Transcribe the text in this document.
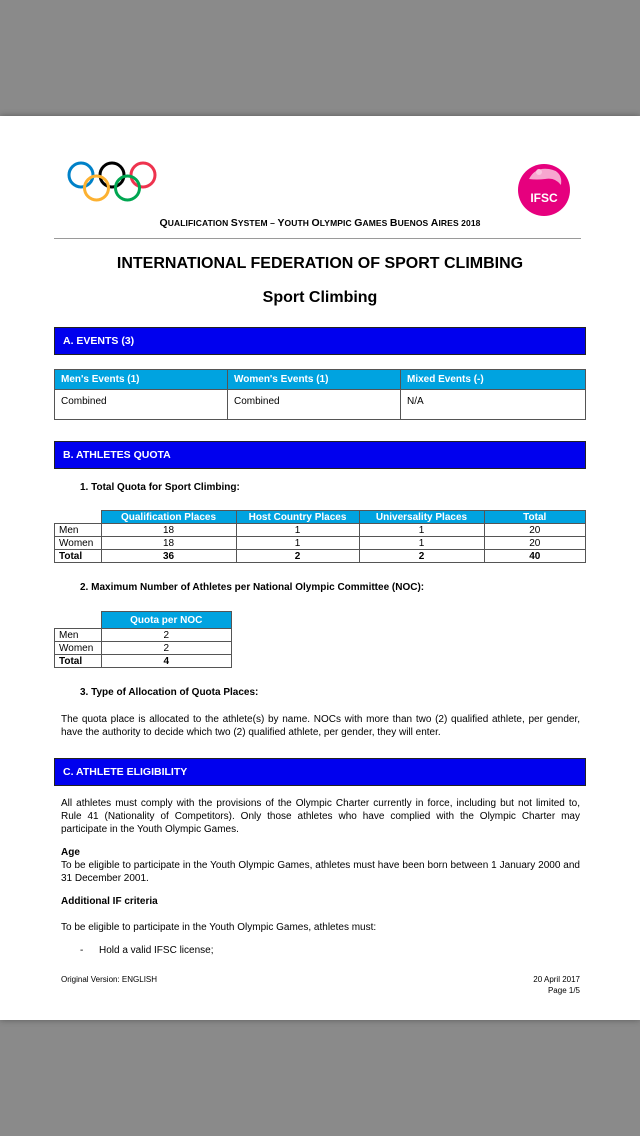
IFSC
QUALIFICATION SYSTEM – YOUTH OLYMPIC GAMES BUENOS AIRES 2018
INTERNATIONAL FEDERATION OF SPORT CLIMBING
Sport Climbing
A. EVENTS (3)
Men's Events (1)	Women's Events (1)	Mixed Events (-)
Combined	Combined	N/A
B. ATHLETES QUOTA
1. Total Quota for Sport Climbing:
	Qualification Places	Host Country Places	Universality Places	Total
Men	18	1	1	20
Women	18	1	1	20
Total	36	2	2	40
2. Maximum Number of Athletes per National Olympic Committee (NOC):
	Quota per NOC
Men	2
Women	2
Total	4
3. Type of Allocation of Quota Places:
The quota place is allocated to the athlete(s) by name. NOCs with more than two (2) qualified athlete, per gender, have the authority to decide which two (2) qualified athlete, per gender, they will enter.
C. ATHLETE ELIGIBILITY
All athletes must comply with the provisions of the Olympic Charter currently in force, including but not limited to, Rule 41 (Nationality of Competitors). Only those athletes who have complied with the Olympic Charter may participate in the Youth Olympic Games.
Age
To be eligible to participate in the Youth Olympic Games, athletes must have been born between 1 January 2000 and 31 December 2001.
Additional IF criteria
To be eligible to participate in the Youth Olympic Games, athletes must:
- Hold a valid IFSC license;
Original Version: ENGLISH	20 April 2017
Page 1/5
